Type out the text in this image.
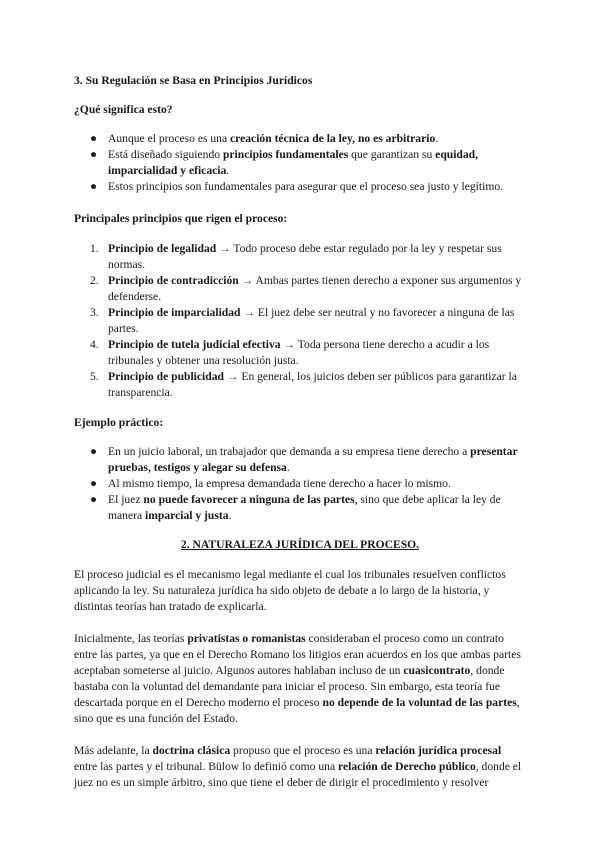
3. Su Regulación se Basa en Principios Jurídicos

¿Qué significa esto?

● Aunque el proceso es una creación técnica de la ley, no es arbitrario.
● Está diseñado siguiendo principios fundamentales que garantizan su equidad, imparcialidad y eficacia.
● Estos principios son fundamentales para asegurar que el proceso sea justo y legítimo.

Principales principios que rigen el proceso:

1. Principio de legalidad → Todo proceso debe estar regulado por la ley y respetar sus normas.
2. Principio de contradicción → Ambas partes tienen derecho a exponer sus argumentos y defenderse.
3. Principio de imparcialidad → El juez debe ser neutral y no favorecer a ninguna de las partes.
4. Principio de tutela judicial efectiva → Toda persona tiene derecho a acudir a los tribunales y obtener una resolución justa.
5. Principio de publicidad → En general, los juicios deben ser públicos para garantizar la transparencia.

Ejemplo práctico:

● En un juicio laboral, un trabajador que demanda a su empresa tiene derecho a presentar pruebas, testigos y alegar su defensa.
● Al mismo tiempo, la empresa demandada tiene derecho a hacer lo mismo.
● El juez no puede favorecer a ninguna de las partes, sino que debe aplicar la ley de manera imparcial y justa.

2. NATURALEZA JURÍDICA DEL PROCESO.

El proceso judicial es el mecanismo legal mediante el cual los tribunales resuelven conflictos aplicando la ley. Su naturaleza jurídica ha sido objeto de debate a lo largo de la historia, y distintas teorías han tratado de explicarla.

Inicialmente, las teorías privatistas o romanistas consideraban el proceso como un contrato entre las partes, ya que en el Derecho Romano los litigios eran acuerdos en los que ambas partes aceptaban someterse al juicio. Algunos autores hablaban incluso de un cuasicontrato, donde bastaba con la voluntad del demandante para iniciar el proceso. Sin embargo, esta teoría fue descartada porque en el Derecho moderno el proceso no depende de la voluntad de las partes, sino que es una función del Estado.

Más adelante, la doctrina clásica propuso que el proceso es una relación jurídica procesal entre las partes y el tribunal. Bülow lo definió como una relación de Derecho público, donde el juez no es un simple árbitro, sino que tiene el deber de dirigir el procedimiento y resolver
